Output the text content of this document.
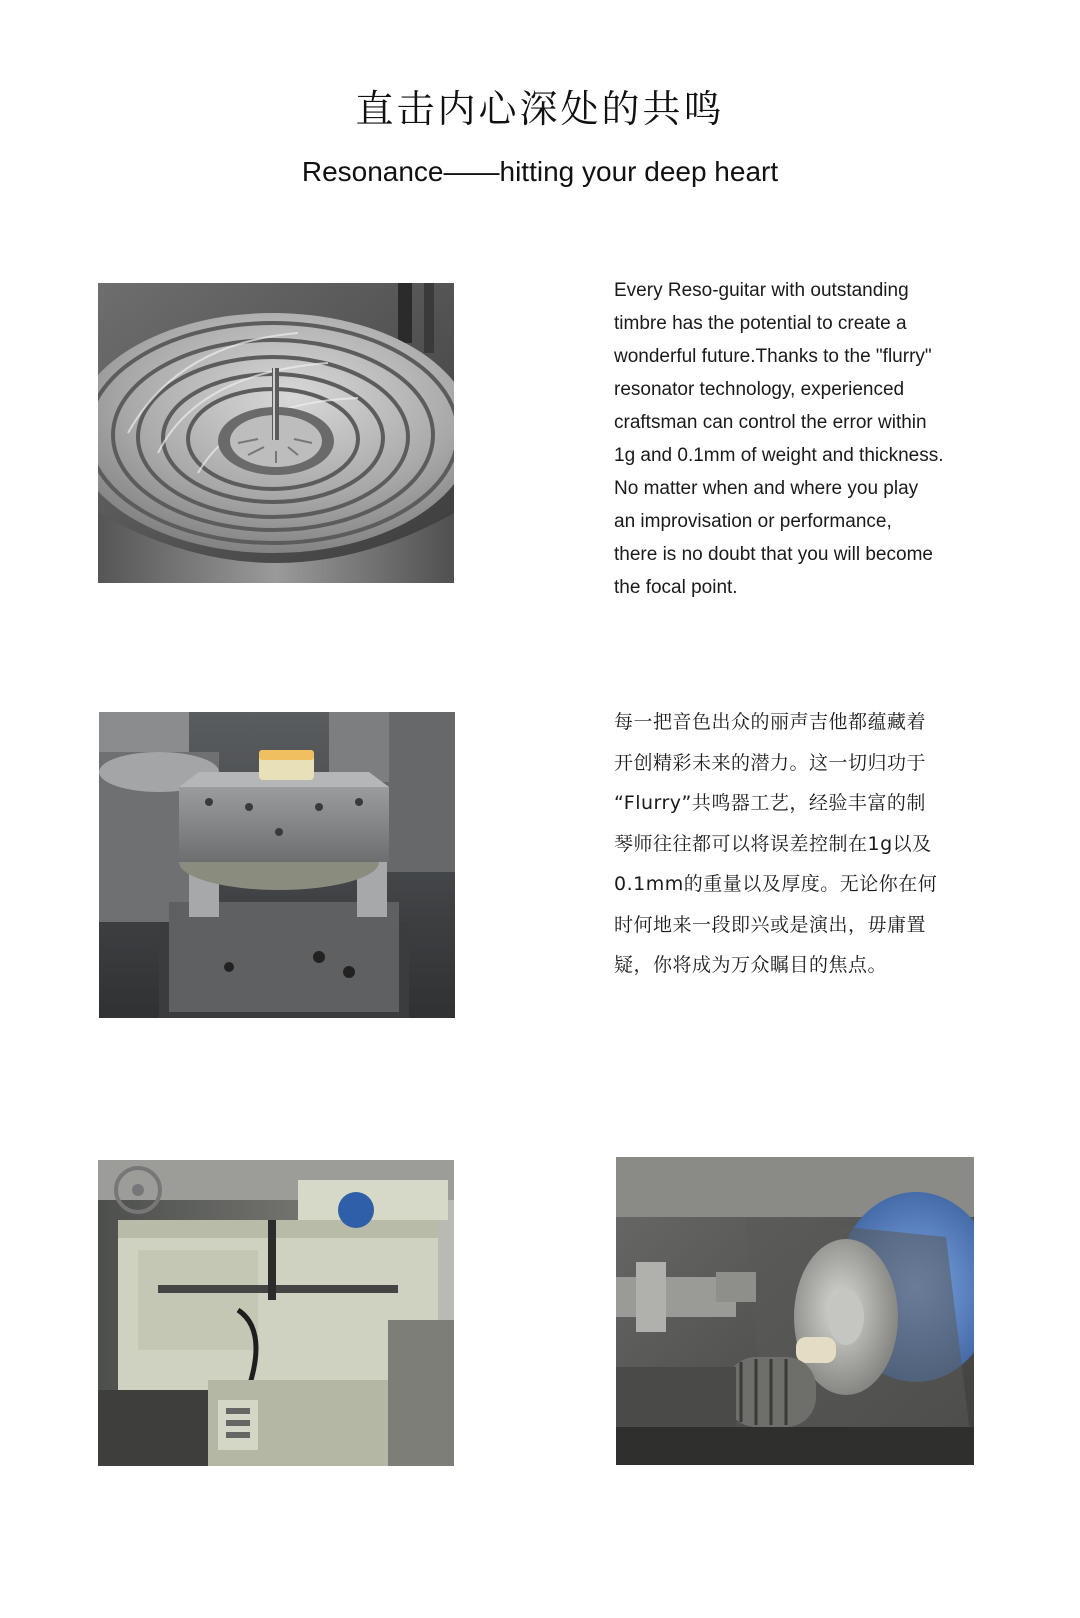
直击内心深处的共鸣
Resonance——hitting your deep heart
Every Reso-guitar with outstanding
timbre has the potential to create a
wonderful future.Thanks to the "flurry"
resonator technology, experienced
craftsman can control the error within
1g and 0.1mm of weight and thickness.
No matter when and where you play
an improvisation or performance,
there is no doubt that you will become
the focal point.
每一把音色出众的丽声吉他都蕴藏着
开创精彩未来的潜力。这一切归功于
“Flurry”共鸣器工艺，经验丰富的制
琴师往往都可以将误差控制在1g以及
0.1mm的重量以及厚度。无论你在何
时何地来一段即兴或是演出，毋庸置
疑，你将成为万众瞩目的焦点。
